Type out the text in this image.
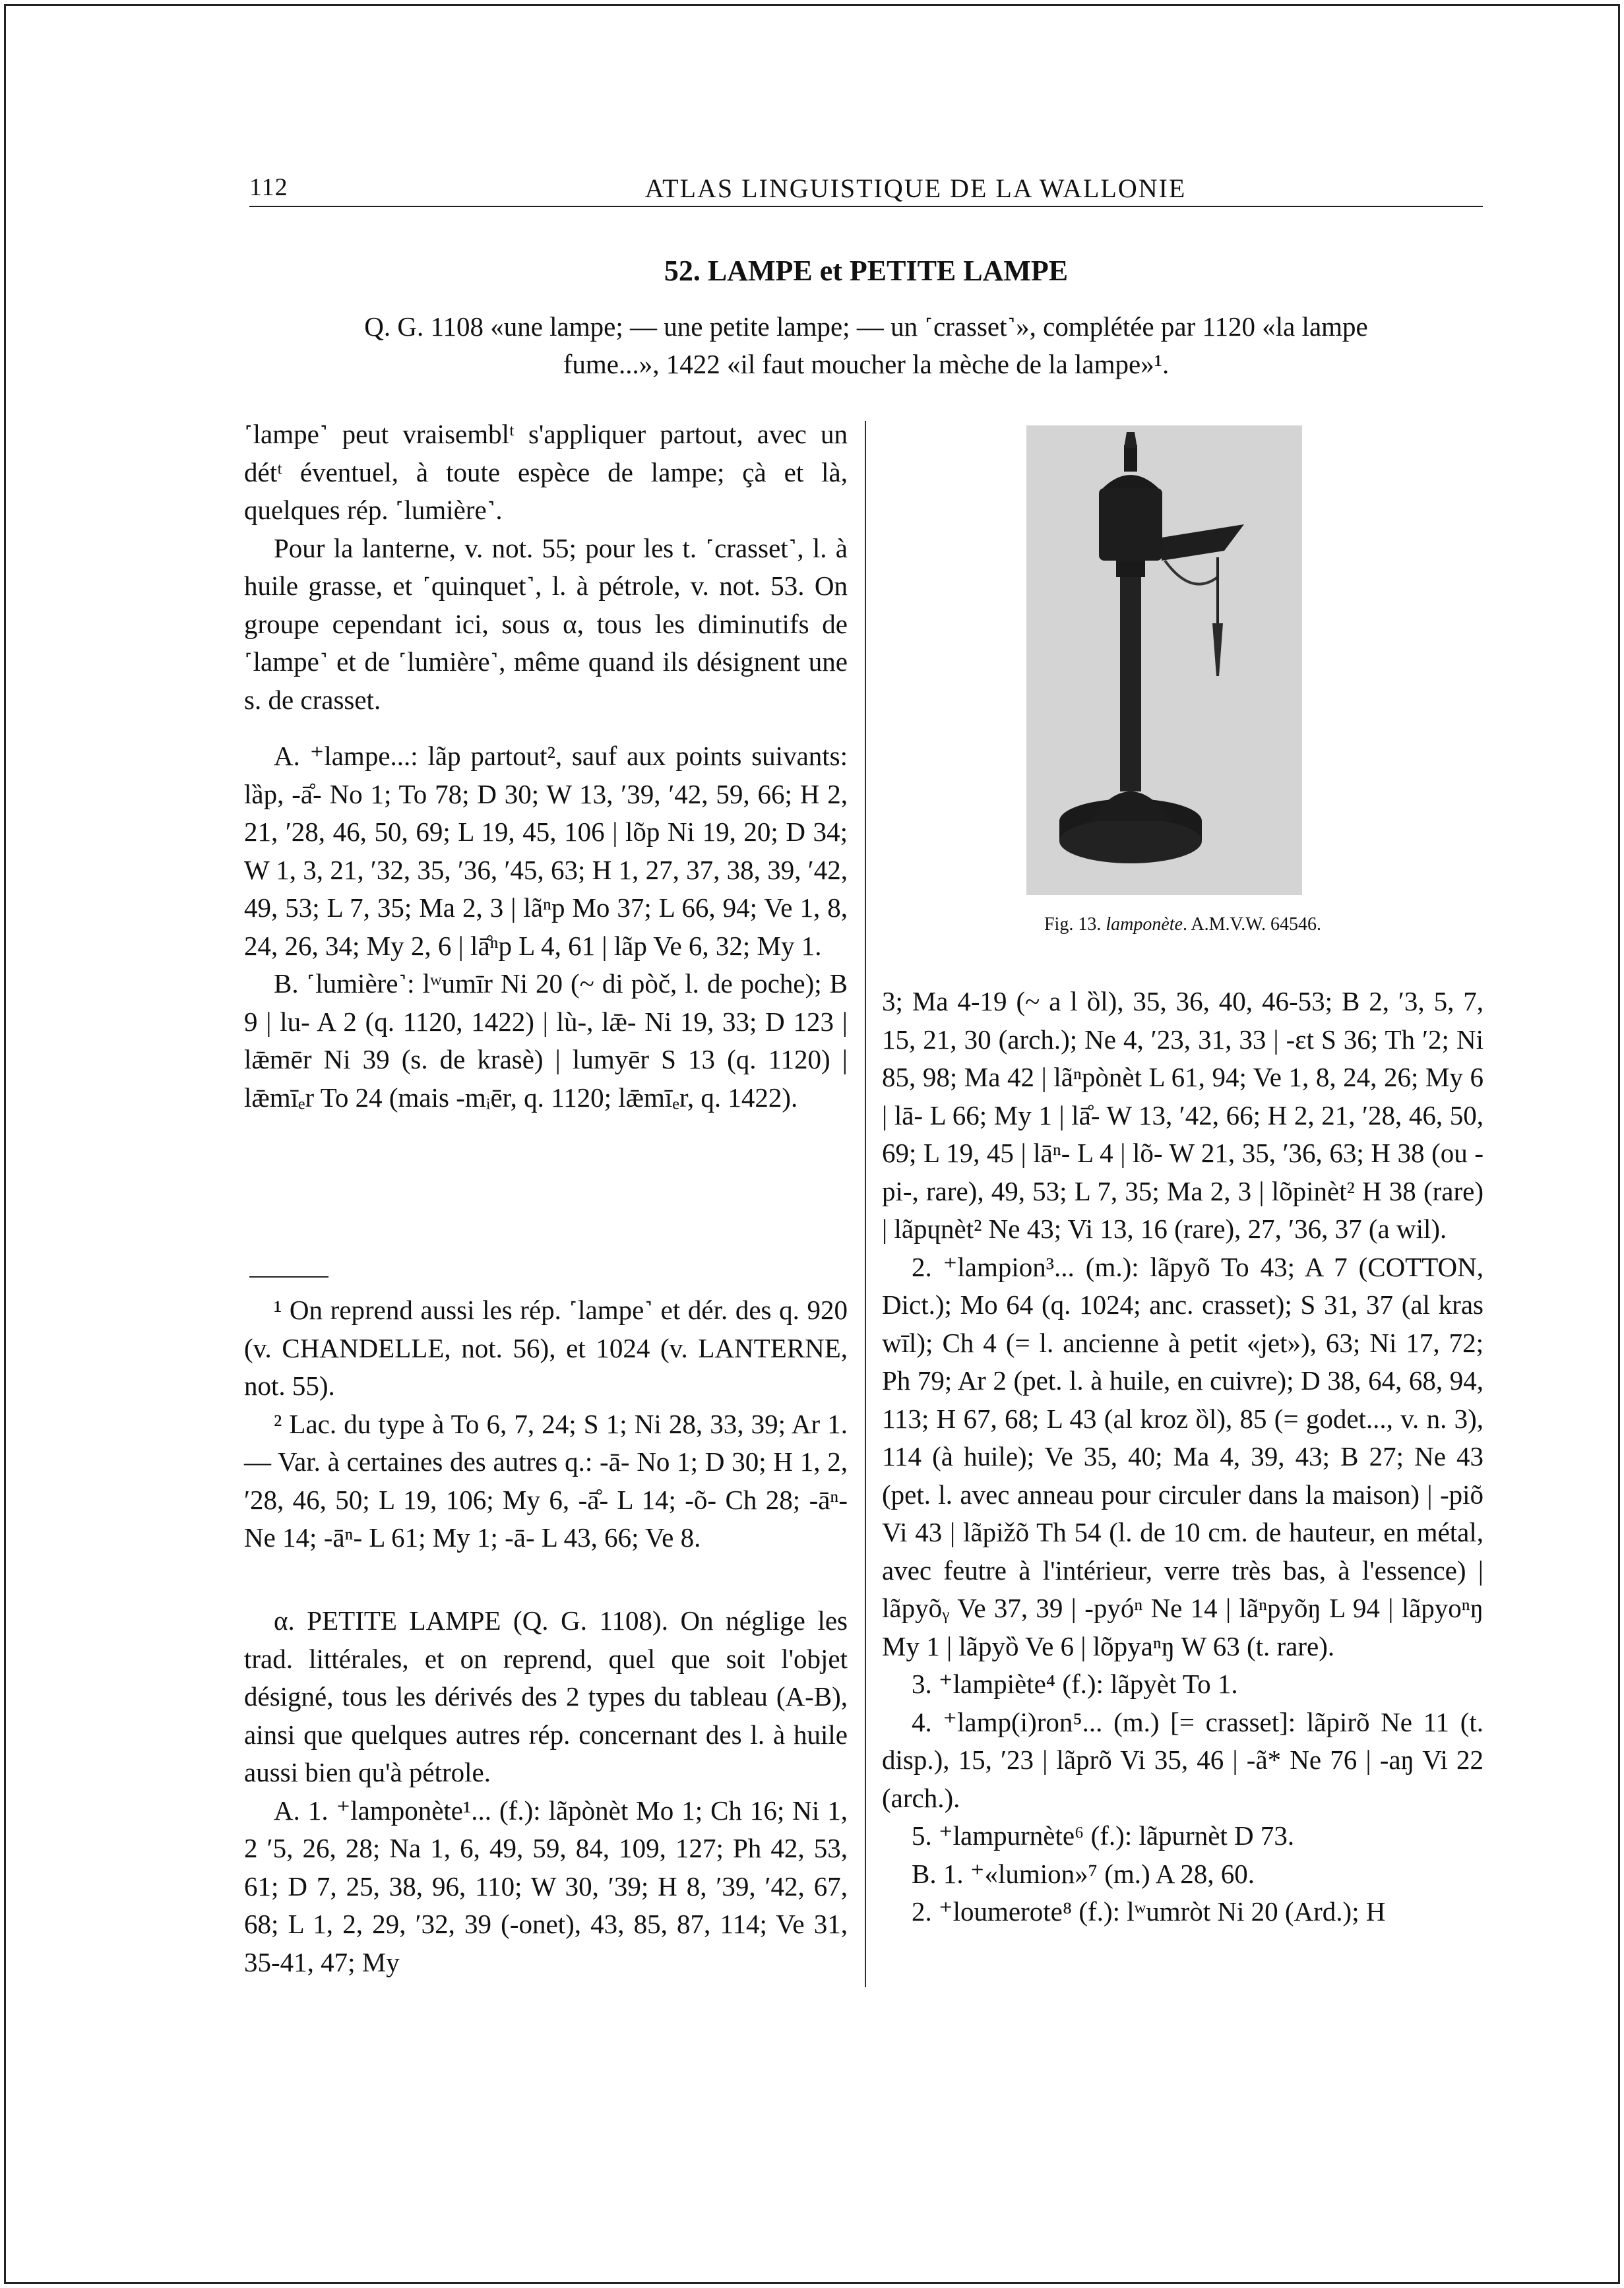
112	ATLAS LINGUISTIQUE DE LA WALLONIE
52. LAMPE et PETITE LAMPE
Q. G. 1108 «une lampe; — une petite lampe; — un ˹crasset˺», complétée par 1120 «la lampe
fume...», 1422 «il faut moucher la mèche de la lampe»¹.

˹lampe˺ peut vraisemblᵗ s'appliquer partout, avec un détᵗ éventuel, à toute espèce de lampe; çà et là, quelques rép. ˹lumière˺.

Pour la lanterne, v. not. 55; pour les t. ˹crasset˺, l. à huile grasse, et ˹quinquet˺, l. à pétrole, v. not. 53. On groupe cependant ici, sous α, tous les diminutifs de ˹lampe˺ et de ˹lumière˺, même quand ils désignent une s. de crasset.

A. ⁺lampe...: lãp partout², sauf aux points suivants: lȁp, -ā̊- No 1; To 78; D 30; W 13, ′39, ′42, 59, 66; H 2, 21, ′28, 46, 50, 69; L 19, 45, 106 | lõp Ni 19, 20; D 34; W 1, 3, 21, ′32, 35, ′36, ′45, 63; H 1, 27, 37, 38, 39, ′42, 49, 53; L 7, 35; Ma 2, 3 | lãⁿp Mo 37; L 66, 94; Ve 1, 8, 24, 26, 34; My 2, 6 | lā̊ⁿp L 4, 61 | lãp Ve 6, 32; My 1.

B. ˹lumière˺: lʷumīr Ni 20 (~ di pòč, l. de poche); B 9 | lu- A 2 (q. 1120, 1422) | lù-, lǣ- Ni 19, 33; D 123 | lǣmēr Ni 39 (s. de krasè) | lumyēr S 13 (q. 1120) | lǣmīₑr To 24 (mais -mᵢēr, q. 1120; lǣmīₑr, q. 1422).

¹ On reprend aussi les rép. ˹lampe˺ et dér. des q. 920 (v. CHANDELLE, not. 56), et 1024 (v. LANTERNE, not. 55).

² Lac. du type à To 6, 7, 24; S 1; Ni 28, 33, 39; Ar 1. — Var. à certaines des autres q.: -ā- No 1; D 30; H 1, 2, ′28, 46, 50; L 19, 106; My 6, -ā̊- L 14; -õ- Ch 28; -āⁿ- Ne 14; -āⁿ- L 61; My 1; -ā- L 43, 66; Ve 8.

α. PETITE LAMPE (Q. G. 1108). On néglige les trad. littérales, et on reprend, quel que soit l'objet désigné, tous les dérivés des 2 types du tableau (A-B), ainsi que quelques autres rép. concernant des l. à huile aussi bien qu'à pétrole.

A. 1. ⁺lamponète¹... (f.): lãpònèt Mo 1; Ch 16; Ni 1, 2 ′5, 26, 28; Na 1, 6, 49, 59, 84, 109, 127; Ph 42, 53, 61; D 7, 25, 38, 96, 110; W 30, ′39; H 8, ′39, ′42, 67, 68; L 1, 2, 29, ′32, 39 (-onet), 43, 85, 87, 114; Ve 31, 35-41, 47; My

Fig. 13. lamponète. A.M.V.W. 64546.

3; Ma 4-19 (~ a l ȍl), 35, 36, 40, 46-53; B 2, ′3, 5, 7, 15, 21, 30 (arch.); Ne 4, ′23, 31, 33 | -ɛt S 36; Th ′2; Ni 85, 98; Ma 42 | lãⁿpònèt L 61, 94; Ve 1, 8, 24, 26; My 6 | lā- L 66; My 1 | lā̊- W 13, ′42, 66; H 2, 21, ′28, 46, 50, 69; L 19, 45 | lāⁿ- L 4 | lõ- W 21, 35, ′36, 63; H 38 (ou -pi-, rare), 49, 53; L 7, 35; Ma 2, 3 | lõpinèt² H 38 (rare) | lãpɥnèt² Ne 43; Vi 13, 16 (rare), 27, ′36, 37 (a wil).

2. ⁺lampion³... (m.): lãpyõ To 43; A 7 (COTTON, Dict.); Mo 64 (q. 1024; anc. crasset); S 31, 37 (al kras wīl); Ch 4 (= l. ancienne à petit «jet»), 63; Ni 17, 72; Ph 79; Ar 2 (pet. l. à huile, en cuivre); D 38, 64, 68, 94, 113; H 67, 68; L 43 (al kroz ȍl), 85 (= godet..., v. n. 3), 114 (à huile); Ve 35, 40; Ma 4, 39, 43; B 27; Ne 43 (pet. l. avec anneau pour circuler dans la maison) | -piõ Vi 43 | lãpižõ Th 54 (l. de 10 cm. de hauteur, en métal, avec feutre à l'intérieur, verre très bas, à l'essence) | lãpyõᵧ Ve 37, 39 | -pyóⁿ Ne 14 | lãⁿpyõŋ L 94 | lãpyoⁿŋ My 1 | lãpyȍ Ve 6 | lõpyaⁿŋ W 63 (t. rare).

3. ⁺lampiète⁴ (f.): lãpyèt To 1.

4. ⁺lamp(i)ron⁵... (m.) [= crasset]: lãpirõ Ne 11 (t. disp.), 15, ′23 | lãprõ Vi 35, 46 | -ã* Ne 76 | -aŋ Vi 22 (arch.).

5. ⁺lampurnète⁶ (f.): lãpurnèt D 73.

B. 1. ⁺«lumion»⁷ (m.) A 28, 60.

2. ⁺loumerote⁸ (f.): lʷumròt Ni 20 (Ard.); H
